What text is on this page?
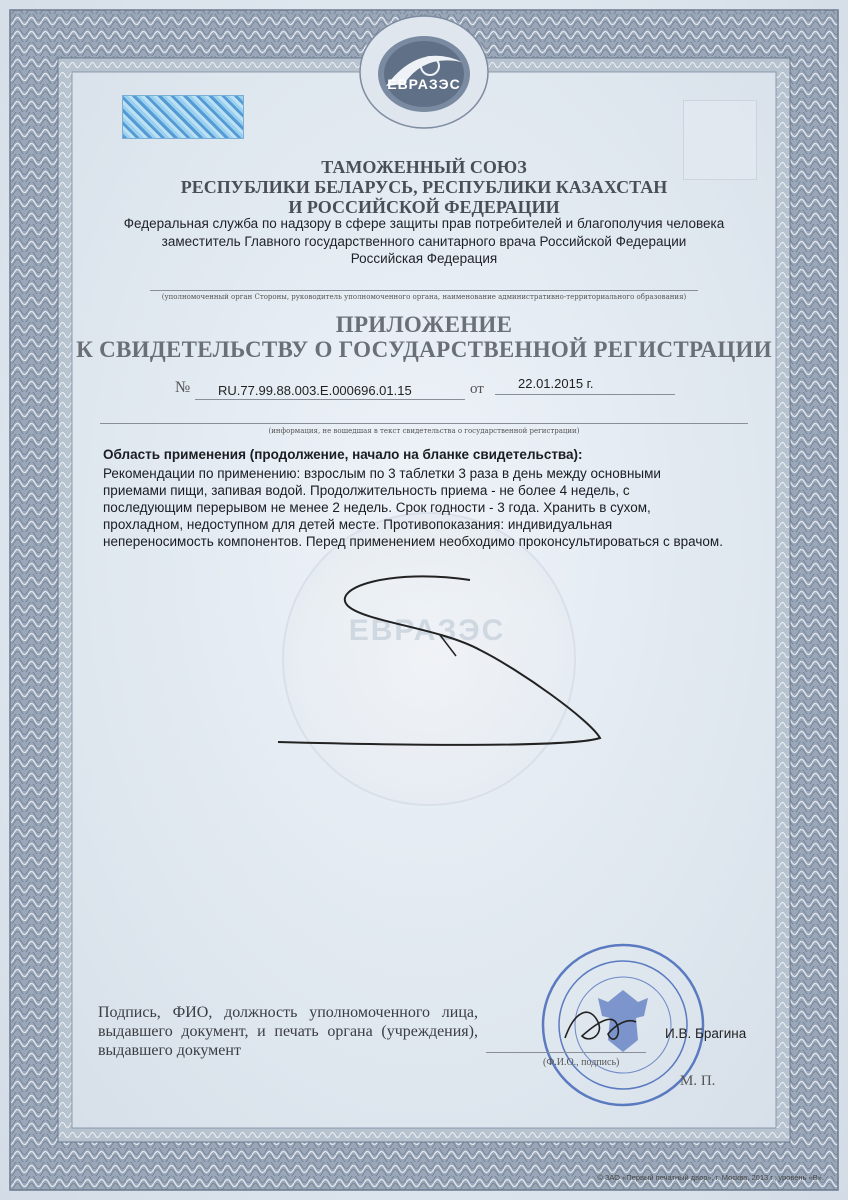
ЕВРАЗЭС
ТАМОЖЕННЫЙ СОЮЗ
РЕСПУБЛИКИ БЕЛАРУСЬ, РЕСПУБЛИКИ КАЗАХСТАН
И РОССИЙСКОЙ ФЕДЕРАЦИИ
Федеральная служба по надзору в сфере защиты прав потребителей и благополучия человека
заместитель Главного государственного санитарного врача Российской Федерации
Российская Федерация
(уполномоченный орган Стороны, руководитель уполномоченного органа, наименование административно-территориального образования)
ПРИЛОЖЕНИЕ
К СВИДЕТЕЛЬСТВУ О ГОСУДАРСТВЕННОЙ РЕГИСТРАЦИИ
№ RU.77.99.88.003.E.000696.01.15	от	22.01.2015 г.
(информация, не вошедшая в текст свидетельства о государственной регистрации)
ЕВРАЗЭС
Область применения (продолжение, начало на бланке свидетельства):
Рекомендации по применению: взрослым по 3 таблетки 3 раза в день между основными
приемами пищи, запивая водой. Продолжительность приема - не более 4 недель, с
последующим перерывом не менее 2 недель. Срок годности - 3 года. Хранить в сухом,
прохладном, недоступном для детей месте. Противопоказания: индивидуальная
непереносимость компонентов. Перед применением необходимо проконсультироваться с врачом.
Подпись, ФИО, должность уполномоченного лица, выдавшего документ, и печать органа (учреждения), выдавшего документ
И.В. Брагина
(Ф.И.О., подпись)
М. П.
© ЗАО «Первый печатный двор», г. Москва, 2013 г., уровень «В».
